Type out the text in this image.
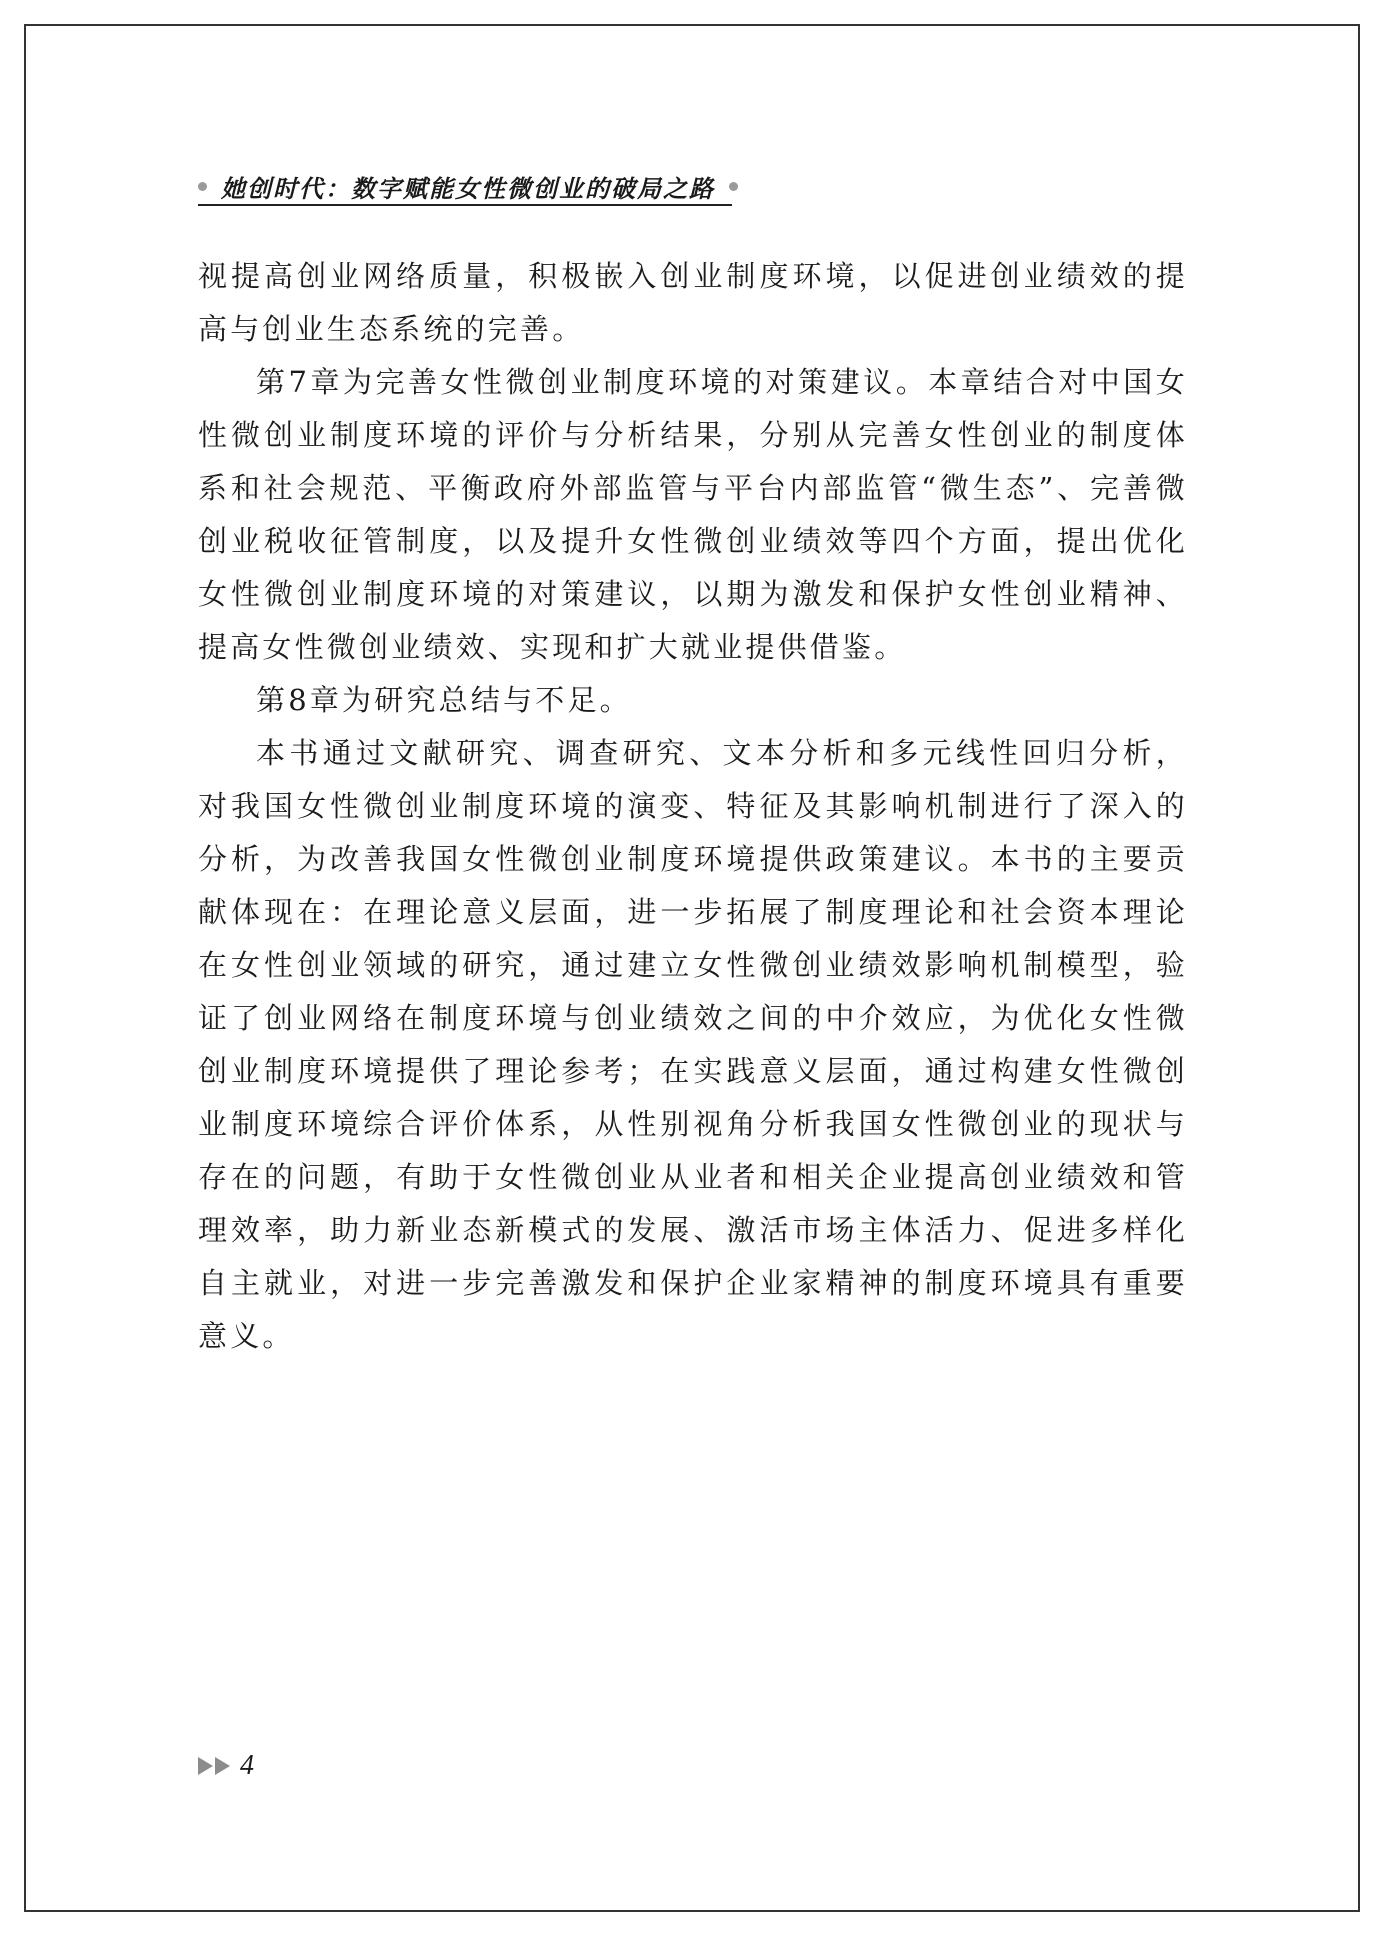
她创时代：数字赋能女性微创业的破局之路

视提高创业网络质量，积极嵌入创业制度环境，以促进创业绩效的提高与创业生态系统的完善。

第7章为完善女性微创业制度环境的对策建议。本章结合对中国女性微创业制度环境的评价与分析结果，分别从完善女性创业的制度体系和社会规范、平衡政府外部监管与平台内部监管“微生态”、完善微创业税收征管制度，以及提升女性微创业绩效等四个方面，提出优化女性微创业制度环境的对策建议，以期为激发和保护女性创业精神、提高女性微创业绩效、实现和扩大就业提供借鉴。

第8章为研究总结与不足。

本书通过文献研究、调查研究、文本分析和多元线性回归分析，对我国女性微创业制度环境的演变、特征及其影响机制进行了深入的分析，为改善我国女性微创业制度环境提供政策建议。本书的主要贡献体现在：在理论意义层面，进一步拓展了制度理论和社会资本理论在女性创业领域的研究，通过建立女性微创业绩效影响机制模型，验证了创业网络在制度环境与创业绩效之间的中介效应，为优化女性微创业制度环境提供了理论参考；在实践意义层面，通过构建女性微创业制度环境综合评价体系，从性别视角分析我国女性微创业的现状与存在的问题，有助于女性微创业从业者和相关企业提高创业绩效和管理效率，助力新业态新模式的发展、激活市场主体活力、促进多样化自主就业，对进一步完善激发和保护企业家精神的制度环境具有重要意义。

4
